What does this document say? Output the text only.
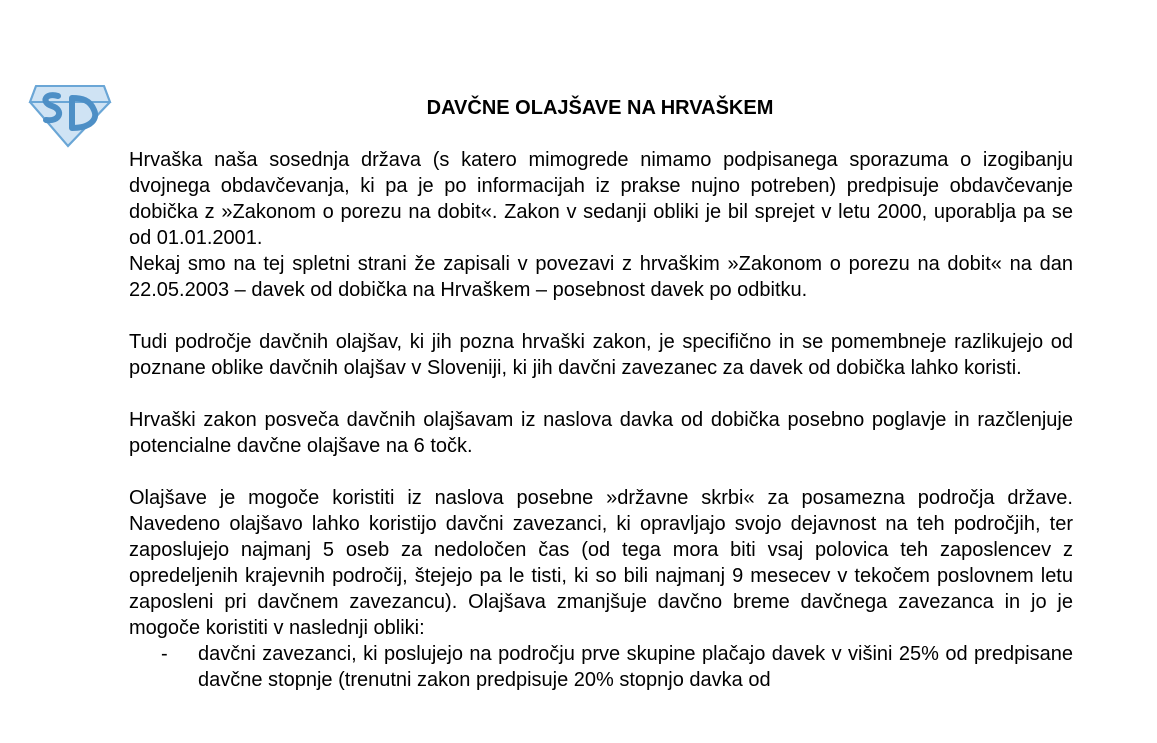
DAVČNE OLAJŠAVE NA HRVAŠKEM

Hrvaška naša sosednja država (s katero mimogrede nimamo podpisanega sporazuma o izogibanju dvojnega obdavčevanja, ki pa je po informacijah iz prakse nujno potreben) predpisuje obdavčevanje dobička z »Zakonom o porezu na dobit«. Zakon v sedanji obliki je bil sprejet v letu 2000, uporablja pa se od 01.01.2001.

Nekaj smo na tej spletni strani že zapisali v povezavi z hrvaškim »Zakonom o porezu na dobit« na dan 22.05.2003 – davek od dobička na Hrvaškem – posebnost davek po odbitku.

Tudi področje davčnih olajšav, ki jih pozna hrvaški zakon, je specifično in se pomembneje razlikujejo od poznane oblike davčnih olajšav v Sloveniji, ki jih davčni zavezanec za davek od dobička lahko koristi.

Hrvaški zakon posveča davčnih olajšavam iz naslova davka od dobička posebno poglavje in razčlenjuje potencialne davčne olajšave na 6 točk.

Olajšave je mogoče koristiti iz naslova posebne »državne skrbi« za posamezna področja države. Navedeno olajšavo lahko koristijo davčni zavezanci, ki opravljajo svojo dejavnost na teh področjih, ter zaposlujejo najmanj 5 oseb za nedoločen čas (od tega mora biti vsaj polovica teh zaposlencev z opredeljenih krajevnih področij, štejejo pa le tisti, ki so bili najmanj 9 mesecev v tekočem poslovnem letu zaposleni pri davčnem zavezancu). Olajšava zmanjšuje davčno breme davčnega zavezanca in jo je mogoče koristiti v naslednji obliki:

- davčni zavezanci, ki poslujejo na področju prve skupine plačajo davek v višini 25% od predpisane davčne stopnje (trenutni zakon predpisuje 20% stopnjo davka od
